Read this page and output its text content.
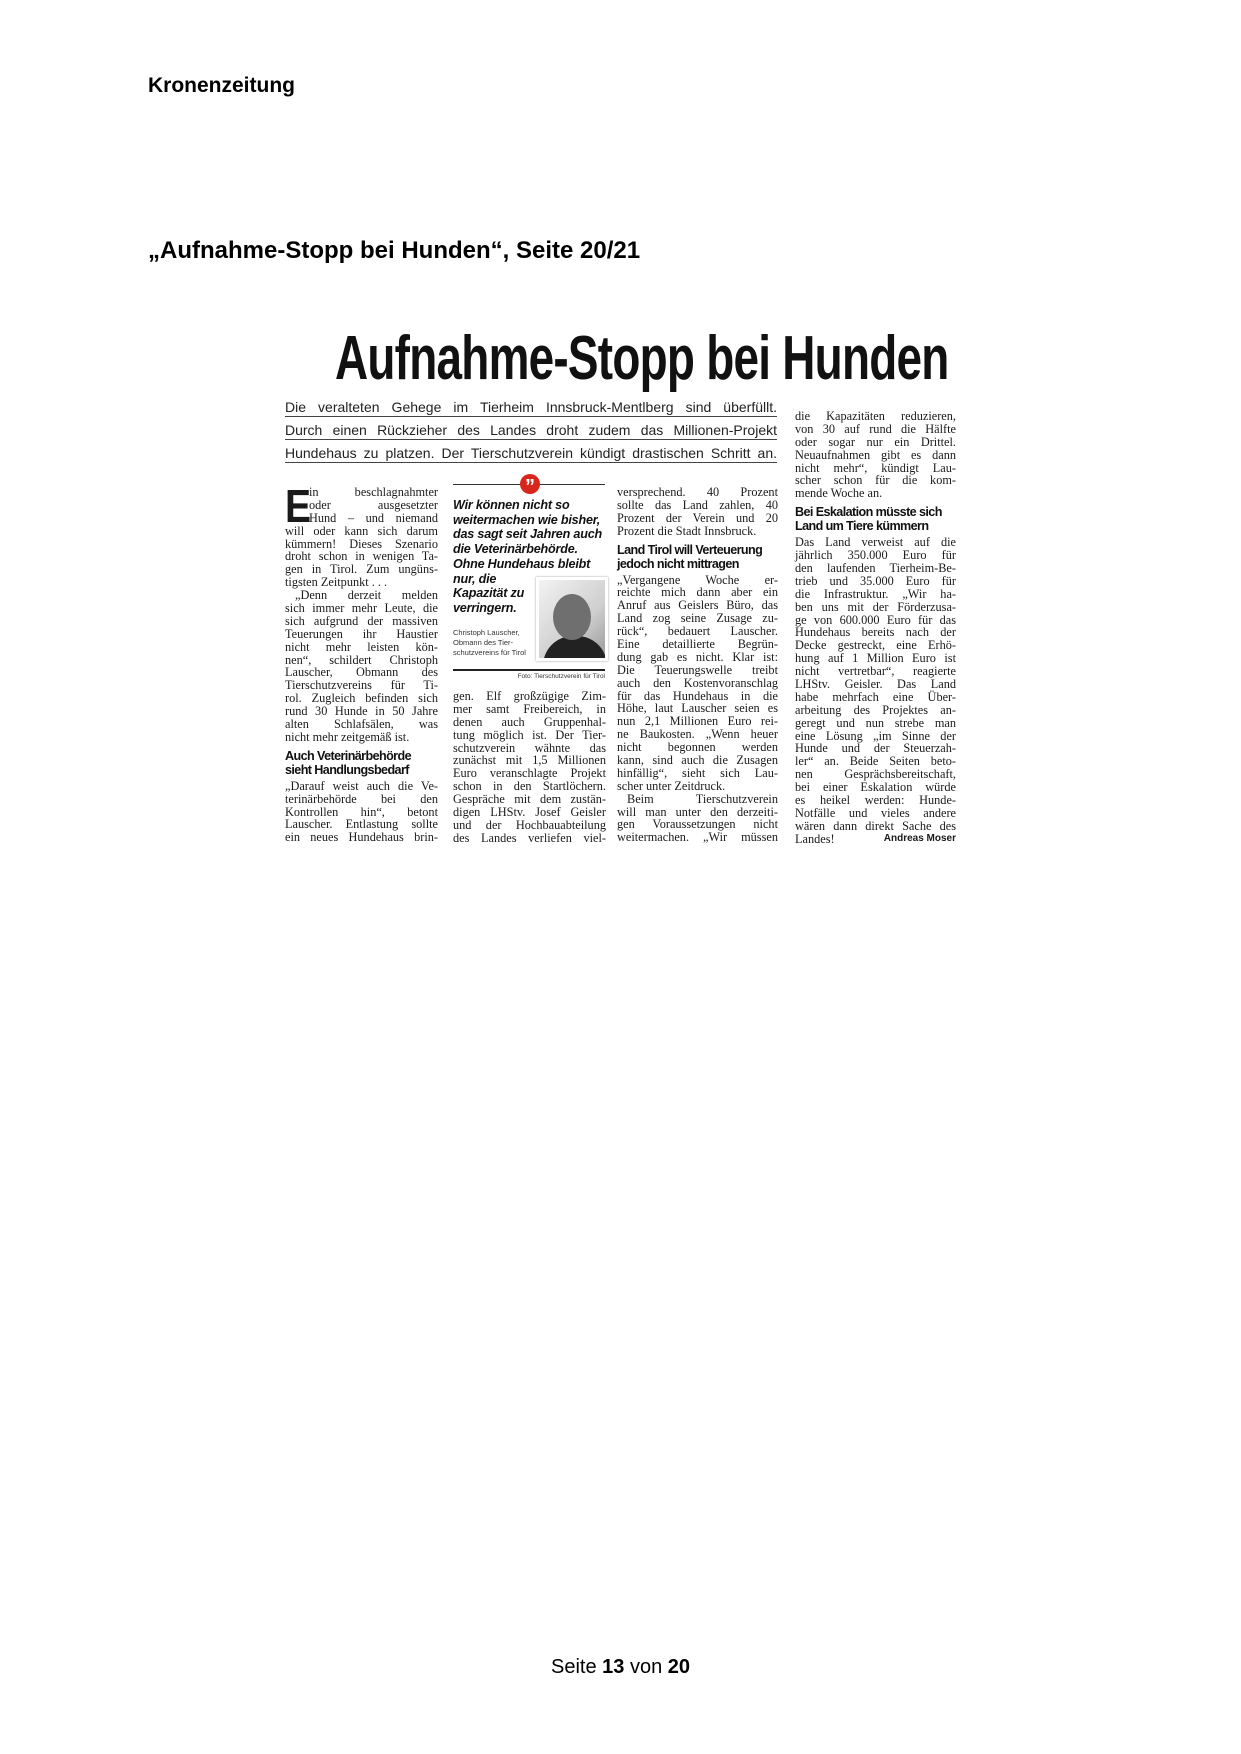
Kronenzeitung
„Aufnahme-Stopp bei Hunden“, Seite 20/21
Aufnahme-Stopp bei Hunden
Die veralteten Gehege im Tierheim Innsbruck-Mentlberg sind überfüllt.
Durch einen Rückzieher des Landes droht zudem das Millionen-Projekt
Hundehaus zu platzen. Der Tierschutzverein kündigt drastischen Schritt an.
E
in beschlagnahmter
oder ausgesetzter
Hund – und niemand
will oder kann sich darum
kümmern! Dieses Szenario
droht schon in wenigen Ta-
gen in Tirol. Zum ungüns-
tigsten Zeitpunkt . . .
„Denn derzeit melden
sich immer mehr Leute, die
sich aufgrund der massiven
Teuerungen ihr Haustier
nicht mehr leisten kön-
nen“, schildert Christoph
Lauscher, Obmann des
Tierschutzvereins für Ti-
rol. Zugleich befinden sich
rund 30 Hunde in 50 Jahre
alten Schlafsälen, was
nicht mehr zeitgemäß ist.
Auch Veterinärbehörde
sieht Handlungsbedarf
„Darauf weist auch die Ve-
terinärbehörde bei den
Kontrollen hin“, betont
Lauscher. Entlastung sollte
ein neues Hundehaus brin-
gen. Elf großzügige Zim-
mer samt Freibereich, in
denen auch Gruppenhal-
tung möglich ist. Der Tier-
schutzverein wähnte das
zunächst mit 1,5 Millionen
Euro veranschlagte Projekt
schon in den Startlöchern.
Gespräche mit dem zustän-
digen LHStv. Josef Geisler
und der Hochbauabteilung
des Landes verliefen viel-
versprechend. 40 Prozent
sollte das Land zahlen, 40
Prozent der Verein und 20
Prozent die Stadt Innsbruck.
Land Tirol will Verteuerung
jedoch nicht mittragen
„Vergangene Woche er-
reichte mich dann aber ein
Anruf aus Geislers Büro, das
Land zog seine Zusage zu-
rück“, bedauert Lauscher.
Eine detaillierte Begrün-
dung gab es nicht. Klar ist:
Die Teuerungswelle treibt
auch den Kostenvoranschlag
für das Hundehaus in die
Höhe, laut Lauscher seien es
nun 2,1 Millionen Euro rei-
ne Baukosten. „Wenn heuer
nicht begonnen werden
kann, sind auch die Zusagen
hinfällig“, sieht sich Lau-
scher unter Zeitdruck.
Beim Tierschutzverein
will man unter den derzeiti-
gen Voraussetzungen nicht
weitermachen. „Wir müssen
die Kapazitäten reduzieren,
von 30 auf rund die Hälfte
oder sogar nur ein Drittel.
Neuaufnahmen gibt es dann
nicht mehr“, kündigt Lau-
scher schon für die kom-
mende Woche an.
Bei Eskalation müsste sich
Land um Tiere kümmern
Das Land verweist auf die
jährlich 350.000 Euro für
den laufenden Tierheim-Be-
trieb und 35.000 Euro für
die Infrastruktur. „Wir ha-
ben uns mit der Förderzusa-
ge von 600.000 Euro für das
Hundehaus bereits nach der
Decke gestreckt, eine Erhö-
hung auf 1 Million Euro ist
nicht vertretbar“, reagierte
LHStv. Geisler. Das Land
habe mehrfach eine Über-
arbeitung des Projektes an-
geregt und nun strebe man
eine Lösung „im Sinne der
Hunde und der Steuerzah-
ler“ an. Beide Seiten beto-
nen Gesprächsbereitschaft,
bei einer Eskalation würde
es heikel werden: Hunde-
Notfälle und vieles andere
wären dann direkt Sache des
Landes!	Andreas Moser
”
Wir können nicht so
weitermachen wie bisher,
das sagt seit Jahren auch
die Veterinärbehörde.
Ohne Hundehaus bleibt
nur, die
Kapazität zu
verringern.
Christoph Lauscher,
Obmann des Tier-
schutzvereins für Tirol
Foto: Tierschutzverein für Tirol
Seite 13 von 20
